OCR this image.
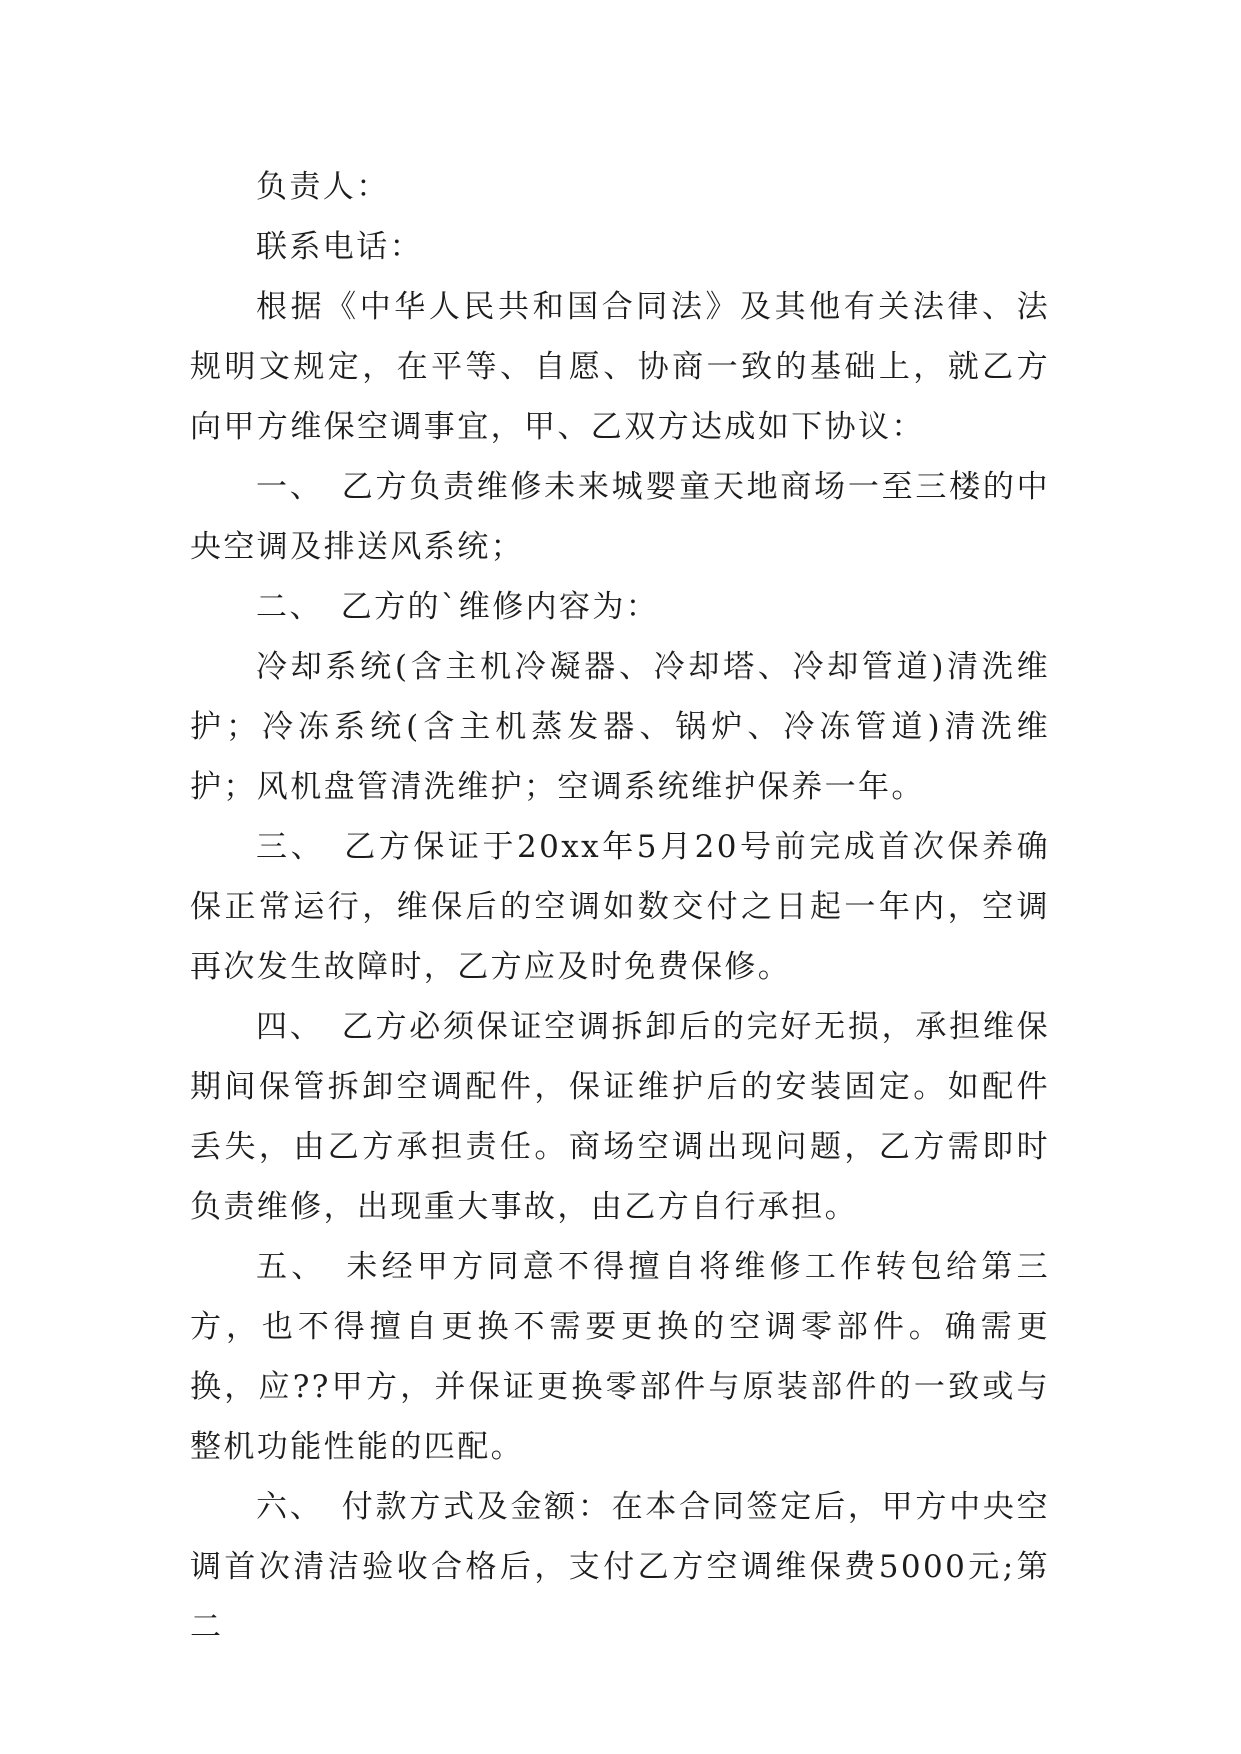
负责人：

联系电话：

根据《中华人民共和国合同法》及其他有关法律、法规明文规定，在平等、自愿、协商一致的基础上，就乙方向甲方维保空调事宜，甲、乙双方达成如下协议：

一、　乙方负责维修未来城婴童天地商场一至三楼的中央空调及排送风系统；

二、　乙方的`维修内容为：

冷却系统(含主机冷凝器、冷却塔、冷却管道)清洗维护；冷冻系统(含主机蒸发器、锅炉、冷冻管道)清洗维护；风机盘管清洗维护；空调系统维护保养一年。

三、　乙方保证于20xx年5月20号前完成首次保养确保正常运行，维保后的空调如数交付之日起一年内，空调再次发生故障时，乙方应及时免费保修。

四、　乙方必须保证空调拆卸后的完好无损，承担维保期间保管拆卸空调配件，保证维护后的安装固定。如配件丢失，由乙方承担责任。商场空调出现问题，乙方需即时负责维修，出现重大事故，由乙方自行承担。

五、　未经甲方同意不得擅自将维修工作转包给第三方，也不得擅自更换不需要更换的空调零部件。确需更换，应??甲方，并保证更换零部件与原装部件的一致或与整机功能性能的匹配。

六、　付款方式及金额：在本合同签定后，甲方中央空调首次清洁验收合格后，支付乙方空调维保费5000元;第二
